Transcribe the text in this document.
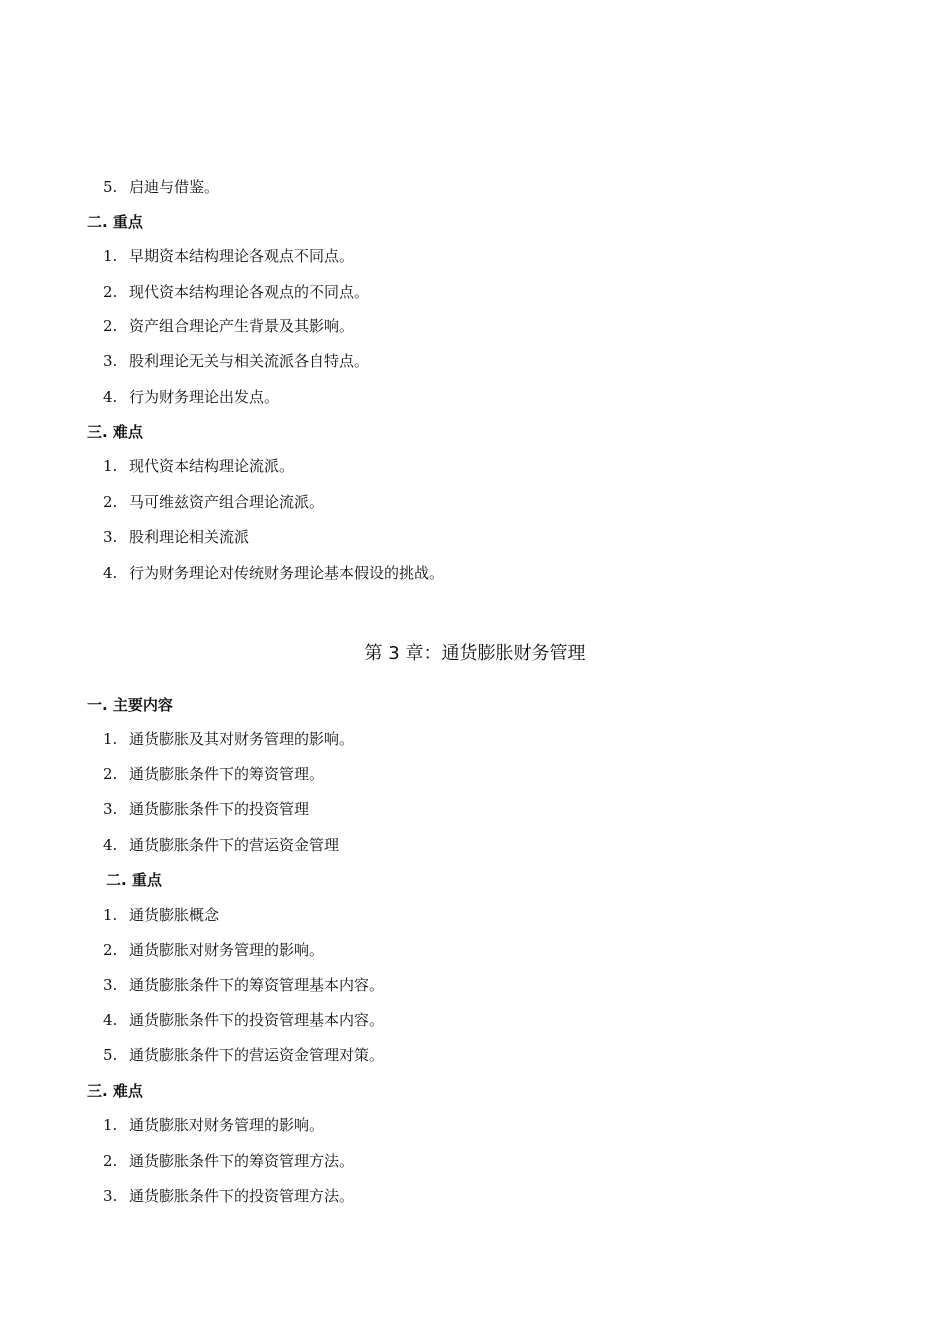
5. 启迪与借鉴。
二. 重点
1. 早期资本结构理论各观点不同点。
2. 现代资本结构理论各观点的不同点。
2. 资产组合理论产生背景及其影响。
3. 股利理论无关与相关流派各自特点。
4. 行为财务理论出发点。
三. 难点
1. 现代资本结构理论流派。
2. 马可维兹资产组合理论流派。
3. 股利理论相关流派
4. 行为财务理论对传统财务理论基本假设的挑战。
第 3 章：通货膨胀财务管理
一. 主要内容
1. 通货膨胀及其对财务管理的影响。
2. 通货膨胀条件下的筹资管理。
3. 通货膨胀条件下的投资管理
4. 通货膨胀条件下的营运资金管理
二. 重点
1. 通货膨胀概念
2. 通货膨胀对财务管理的影响。
3. 通货膨胀条件下的筹资管理基本内容。
4. 通货膨胀条件下的投资管理基本内容。
5. 通货膨胀条件下的营运资金管理对策。
三. 难点
1. 通货膨胀对财务管理的影响。
2. 通货膨胀条件下的筹资管理方法。
3. 通货膨胀条件下的投资管理方法。
